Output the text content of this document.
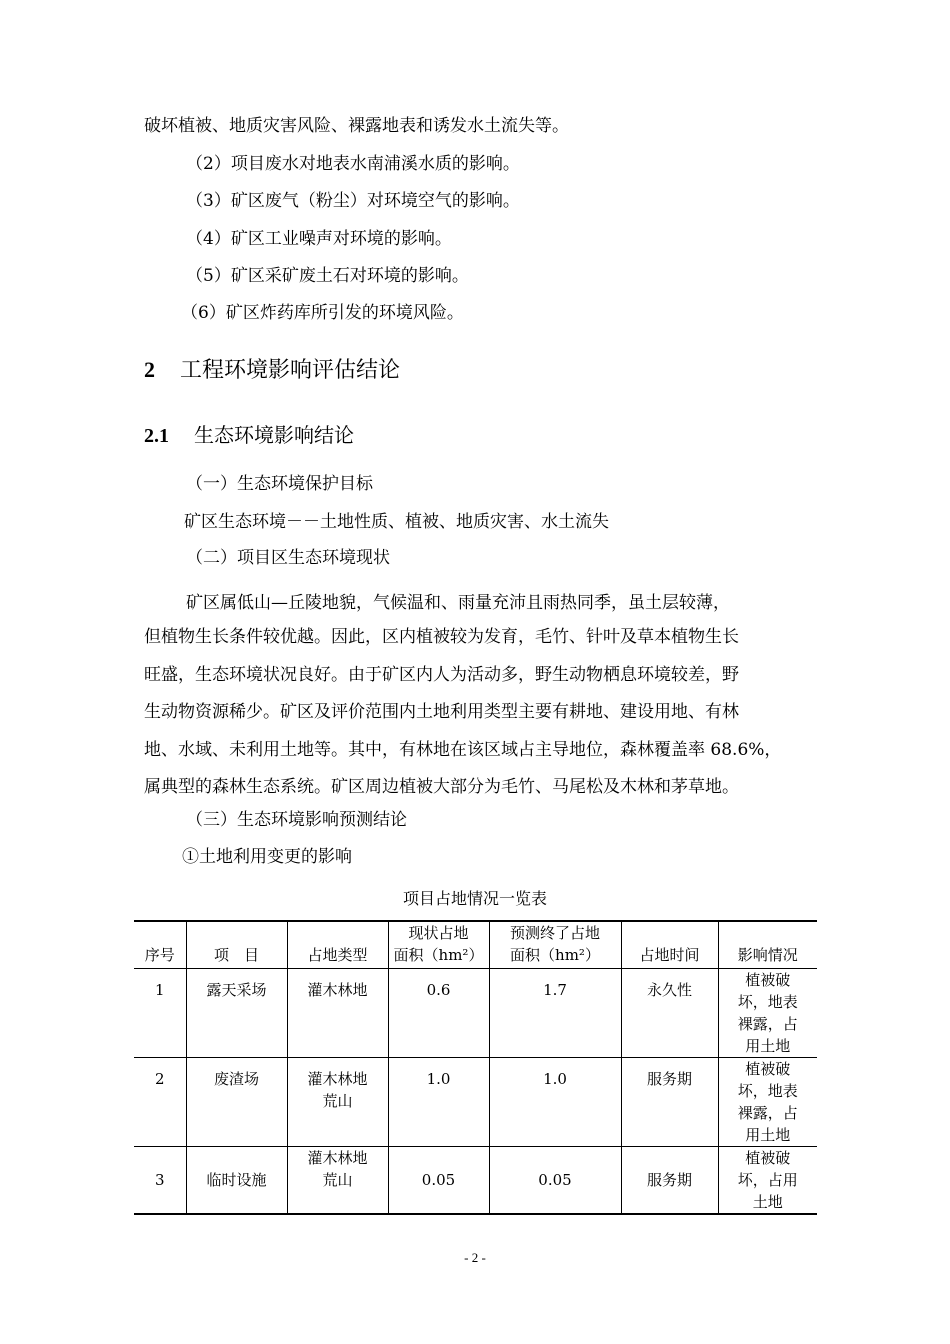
破坏植被、地质灾害风险、裸露地表和诱发水土流失等。
（2）项目废水对地表水南浦溪水质的影响。
（3）矿区废气（粉尘）对环境空气的影响。
（4）矿区工业噪声对环境的影响。
（5）矿区采矿废土石对环境的影响。
（6）矿区炸药库所引发的环境风险。
2 工程环境影响评估结论
2.1 生态环境影响结论
（一）生态环境保护目标
矿区生态环境－－土地性质、植被、地质灾害、水土流失
（二）项目区生态环境现状
矿区属低山—丘陵地貌，气候温和、雨量充沛且雨热同季，虽土层较薄，
但植物生长条件较优越。因此，区内植被较为发育，毛竹、针叶及草本植物生长
旺盛，生态环境状况良好。由于矿区内人为活动多，野生动物栖息环境较差，野
生动物资源稀少。矿区及评价范围内土地利用类型主要有耕地、建设用地、有林
地、水域、未利用土地等。其中，有林地在该区域占主导地位，森林覆盖率 68.6%，
属典型的森林生态系统。矿区周边植被大部分为毛竹、马尾松及木林和茅草地。
（三）生态环境影响预测结论
①土地利用变更的影响
项目占地情况一览表
序号	项　目	占地类型	现状占地
面积（hm²）	预测终了占地
面积（hm²）	占地时间	影响情况
1	露天采场	灌木林地	0.6	1.7	永久性	植被破
坏，地表
裸露，占
用土地
2	废渣场	灌木林地
荒山	1.0	1.0	服务期	植被破
坏，地表
裸露，占
用土地
3	临时设施	灌木林地
荒山	0.05	0.05	服务期	植被破
坏，占用
土地
- 2 -
